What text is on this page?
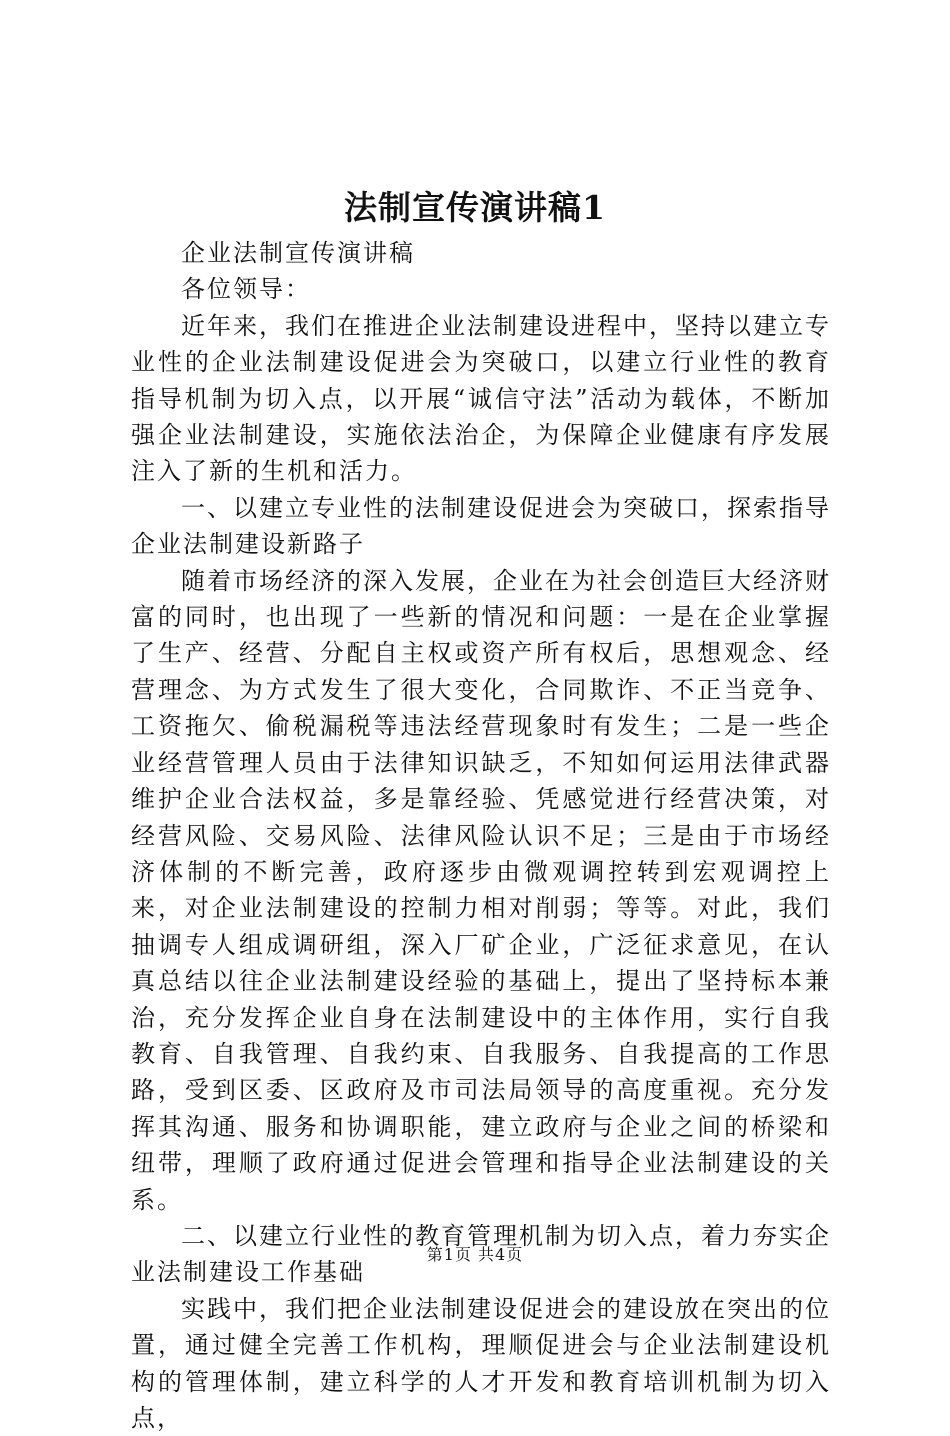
法制宣传演讲稿1

企业法制宣传演讲稿

各位领导：

近年来，我们在推进企业法制建设进程中，坚持以建立专业性的企业法制建设促进会为突破口，以建立行业性的教育指导机制为切入点，以开展“诚信守法”活动为载体，不断加强企业法制建设，实施依法治企，为保障企业健康有序发展注入了新的生机和活力。

一、以建立专业性的法制建设促进会为突破口，探索指导企业法制建设新路子

随着市场经济的深入发展，企业在为社会创造巨大经济财富的同时，也出现了一些新的情况和问题：一是在企业掌握了生产、经营、分配自主权或资产所有权后，思想观念、经营理念、为方式发生了很大变化，合同欺诈、不正当竞争、工资拖欠、偷税漏税等违法经营现象时有发生；二是一些企业经营管理人员由于法律知识缺乏，不知如何运用法律武器维护企业合法权益，多是靠经验、凭感觉进行经营决策，对经营风险、交易风险、法律风险认识不足；三是由于市场经济体制的不断完善，政府逐步由微观调控转到宏观调控上来，对企业法制建设的控制力相对削弱；等等。对此，我们抽调专人组成调研组，深入厂矿企业，广泛征求意见，在认真总结以往企业法制建设经验的基础上，提出了坚持标本兼治，充分发挥企业自身在法制建设中的主体作用，实行自我教育、自我管理、自我约束、自我服务、自我提高的工作思路，受到区委、区政府及市司法局领导的高度重视。充分发挥其沟通、服务和协调职能，建立政府与企业之间的桥梁和纽带，理顺了政府通过促进会管理和指导企业法制建设的关系。

二、以建立行业性的教育管理机制为切入点，着力夯实企业法制建设工作基础

实践中，我们把企业法制建设促进会的建设放在突出的位置，通过健全完善工作机构，理顺促进会与企业法制建设机构的管理体制，建立科学的人才开发和教育培训机制为切入点，

第1页 共4页
